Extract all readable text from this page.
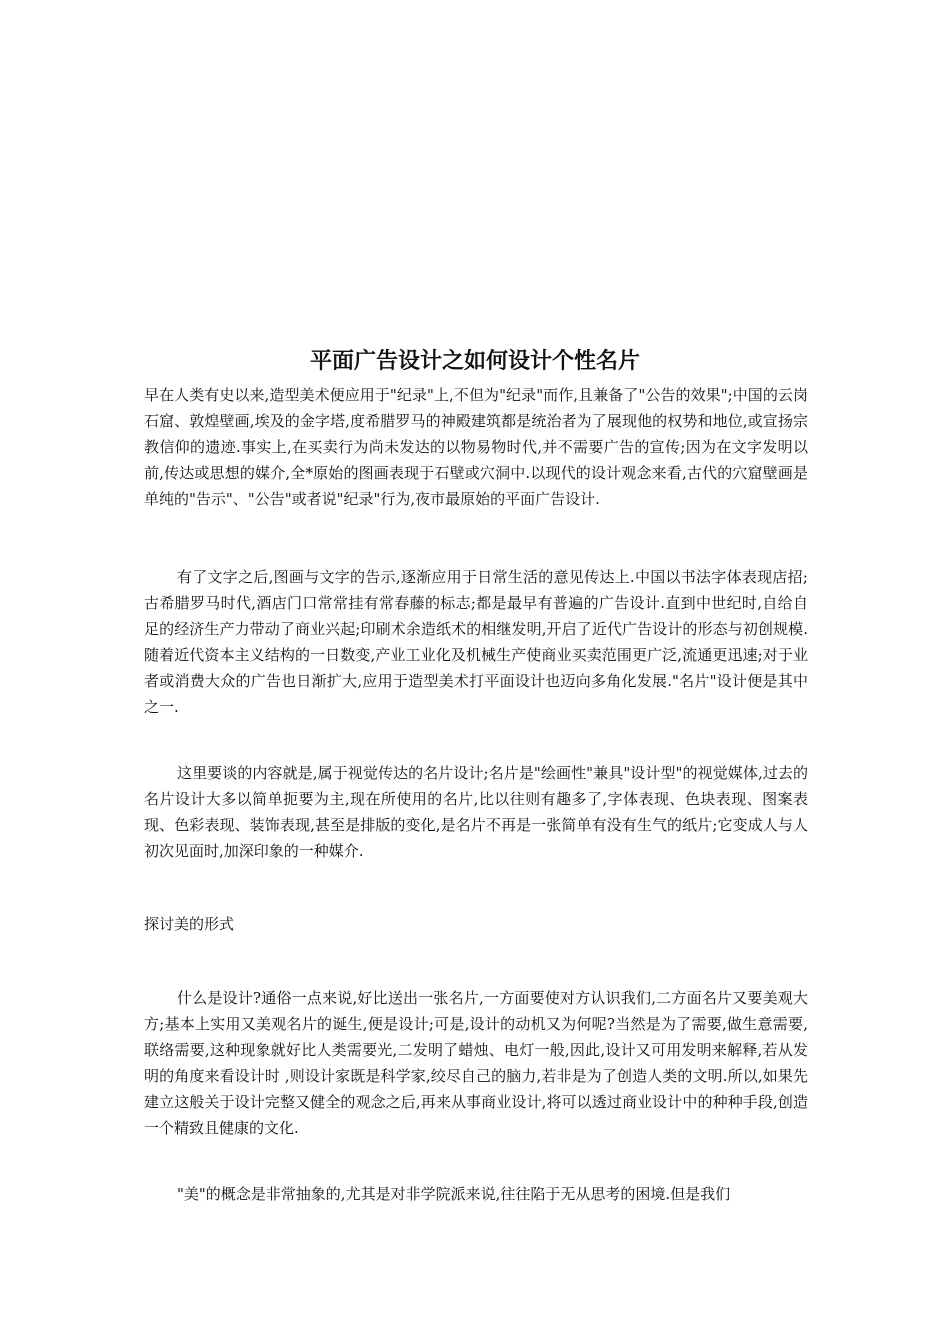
平面广告设计之如何设计个性名片

早在人类有史以来,造型美术便应用于"纪录"上,不但为"纪录"而作,且兼备了"公告的效果";中国的云岗石窟、敦煌壁画,埃及的金字塔,度希腊罗马的神殿建筑都是统治者为了展现他的权势和地位,或宣扬宗教信仰的遗迹.事实上,在买卖行为尚未发达的以物易物时代,并不需要广告的宣传;因为在文字发明以前,传达或思想的媒介,全*原始的图画表现于石壁或穴洞中.以现代的设计观念来看,古代的穴窟壁画是单纯的"告示"、"公告"或者说"纪录"行为,夜市最原始的平面广告设计.

有了文字之后,图画与文字的告示,逐渐应用于日常生活的意见传达上.中国以书法字体表现店招;古希腊罗马时代,酒店门口常常挂有常春藤的标志;都是最早有普遍的广告设计.直到中世纪时,自给自足的经济生产力带动了商业兴起;印刷术余造纸术的相继发明,开启了近代广告设计的形态与初创规模.随着近代资本主义结构的一日数变,产业工业化及机械生产使商业买卖范围更广泛,流通更迅速;对于业者或消费大众的广告也日渐扩大,应用于造型美术打平面设计也迈向多角化发展."名片"设计便是其中之一.

这里要谈的内容就是,属于视觉传达的名片设计;名片是"绘画性"兼具"设计型"的视觉媒体,过去的名片设计大多以简单扼要为主,现在所使用的名片,比以往则有趣多了,字体表现、色块表现、图案表现、色彩表现、装饰表现,甚至是排版的变化,是名片不再是一张简单有没有生气的纸片;它变成人与人初次见面时,加深印象的一种媒介.

探讨美的形式

什么是设计?通俗一点来说,好比送出一张名片,一方面要使对方认识我们,二方面名片又要美观大方;基本上实用又美观名片的诞生,便是设计;可是,设计的动机又为何呢?当然是为了需要,做生意需要,联络需要,这种现象就好比人类需要光,二发明了蜡烛、电灯一般,因此,设计又可用发明来解释,若从发明的角度来看设计时 ,则设计家既是科学家,绞尽自己的脑力,若非是为了创造人类的文明.所以,如果先建立这般关于设计完整又健全的观念之后,再来从事商业设计,将可以透过商业设计中的种种手段,创造一个精致且健康的文化.

"美"的概念是非常抽象的,尤其是对非学院派来说,往往陷于无从思考的困境.但是我们
